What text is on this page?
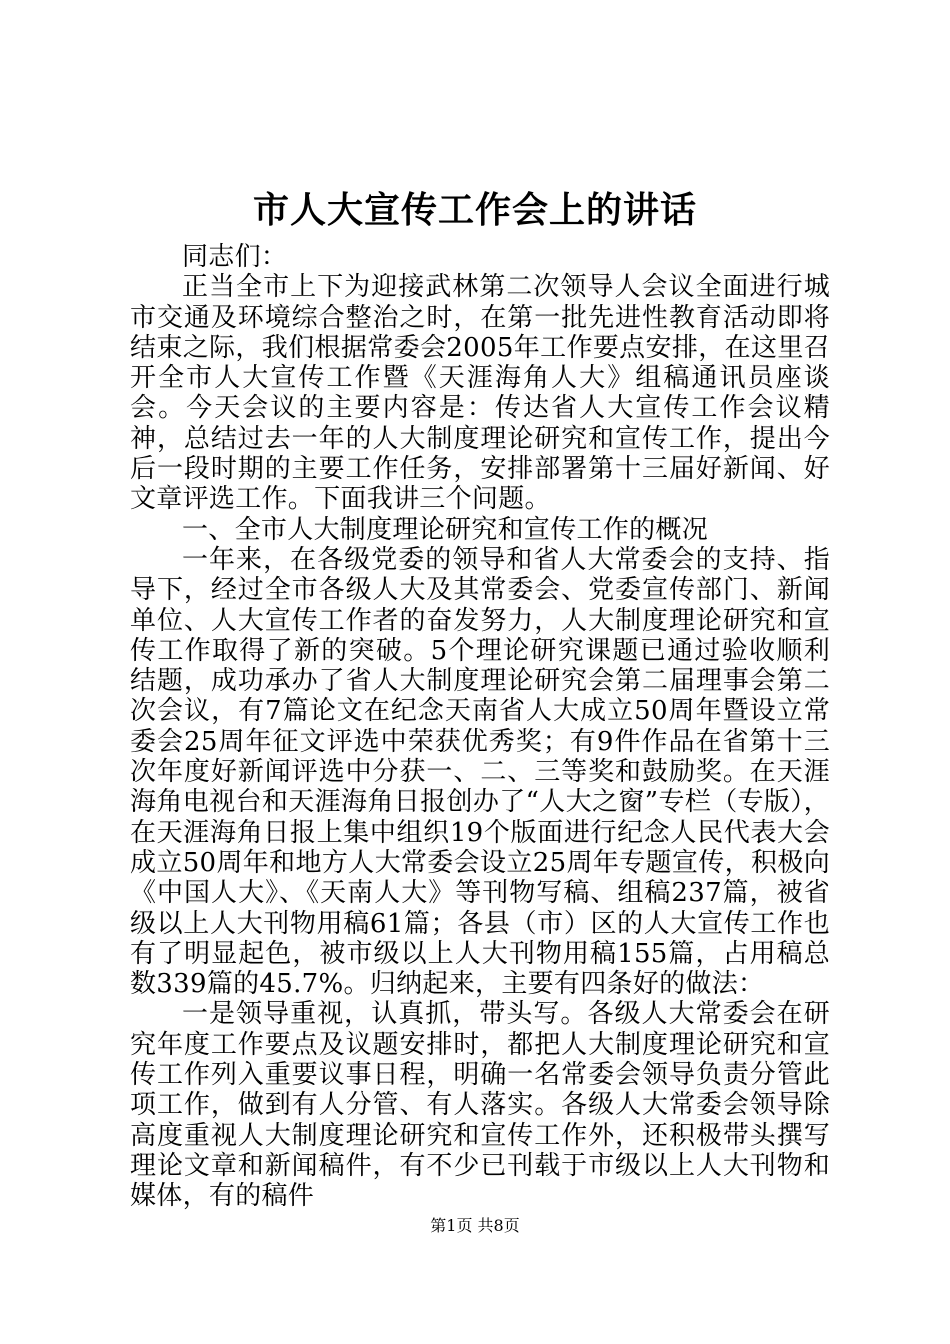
市人大宣传工作会上的讲话

同志们：

正当全市上下为迎接武林第二次领导人会议全面进行城市交通及环境综合整治之时，在第一批先进性教育活动即将结束之际，我们根据常委会2005年工作要点安排，在这里召开全市人大宣传工作暨《天涯海角人大》组稿通讯员座谈会。今天会议的主要内容是：传达省人大宣传工作会议精神，总结过去一年的人大制度理论研究和宣传工作，提出今后一段时期的主要工作任务，安排部署第十三届好新闻、好文章评选工作。下面我讲三个问题。

一、全市人大制度理论研究和宣传工作的概况

一年来，在各级党委的领导和省人大常委会的支持、指导下，经过全市各级人大及其常委会、党委宣传部门、新闻单位、人大宣传工作者的奋发努力，人大制度理论研究和宣传工作取得了新的突破。5个理论研究课题已通过验收顺利结题，成功承办了省人大制度理论研究会第二届理事会第二次会议，有7篇论文在纪念天南省人大成立50周年暨设立常委会25周年征文评选中荣获优秀奖；有9件作品在省第十三次年度好新闻评选中分获一、二、三等奖和鼓励奖。在天涯海角电视台和天涯海角日报创办了“人大之窗”专栏（专版），在天涯海角日报上集中组织19个版面进行纪念人民代表大会成立50周年和地方人大常委会设立25周年专题宣传，积极向《中国人大》、《天南人大》等刊物写稿、组稿237篇，被省级以上人大刊物用稿61篇；各县（市）区的人大宣传工作也有了明显起色，被市级以上人大刊物用稿155篇，占用稿总数339篇的45.7%。归纳起来，主要有四条好的做法：

一是领导重视，认真抓，带头写。各级人大常委会在研究年度工作要点及议题安排时，都把人大制度理论研究和宣传工作列入重要议事日程，明确一名常委会领导负责分管此项工作，做到有人分管、有人落实。各级人大常委会领导除高度重视人大制度理论研究和宣传工作外，还积极带头撰写理论文章和新闻稿件，有不少已刊载于市级以上人大刊物和媒体，有的稿件

第1页 共8页
